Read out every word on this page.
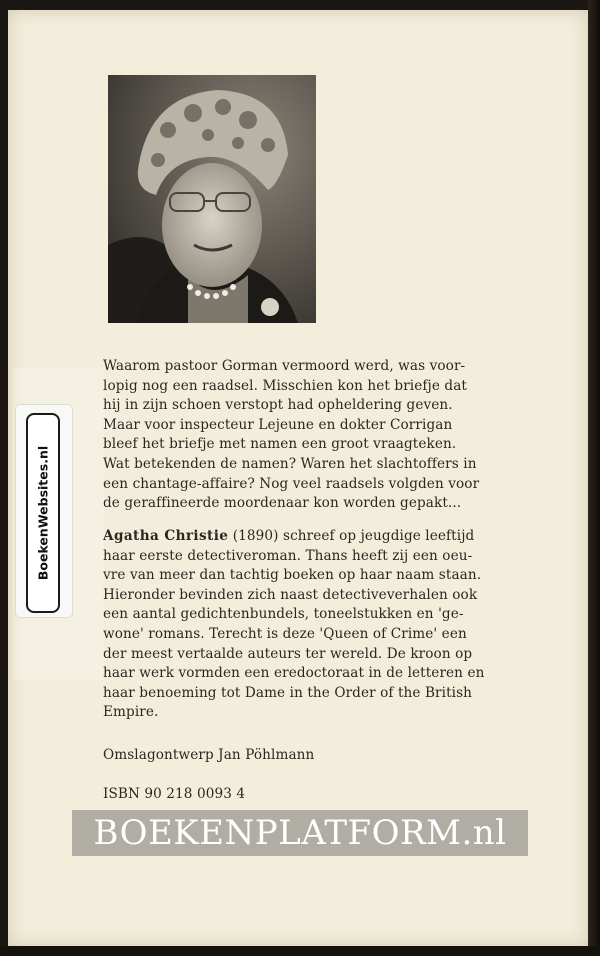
Waarom pastoor Gorman vermoord werd, was voor-
lopig nog een raadsel. Misschien kon het briefje dat
hij in zijn schoen verstopt had opheldering geven.
Maar voor inspecteur Lejeune en dokter Corrigan
bleef het briefje met namen een groot vraagteken.
Wat betekenden de namen? Waren het slachtoffers in
een chantage-affaire? Nog veel raadsels volgden voor
de geraffineerde moordenaar kon worden gepakt...
Agatha Christie (1890) schreef op jeugdige leeftijd
haar eerste detectiveroman. Thans heeft zij een oeu-
vre van meer dan tachtig boeken op haar naam staan.
Hieronder bevinden zich naast detectiveverhalen ook
een aantal gedichtenbundels, toneelstukken en 'ge-
wone' romans. Terecht is deze 'Queen of Crime' een
der meest vertaalde auteurs ter wereld. De kroon op
haar werk vormden een eredoctoraat in de letteren en
haar benoeming tot Dame in the Order of the British
Empire.
Omslagontwerp Jan Pöhlmann
ISBN 90 218 0093 4
BoekenWebsites.nl
BOEKENPLATFORM.nl
